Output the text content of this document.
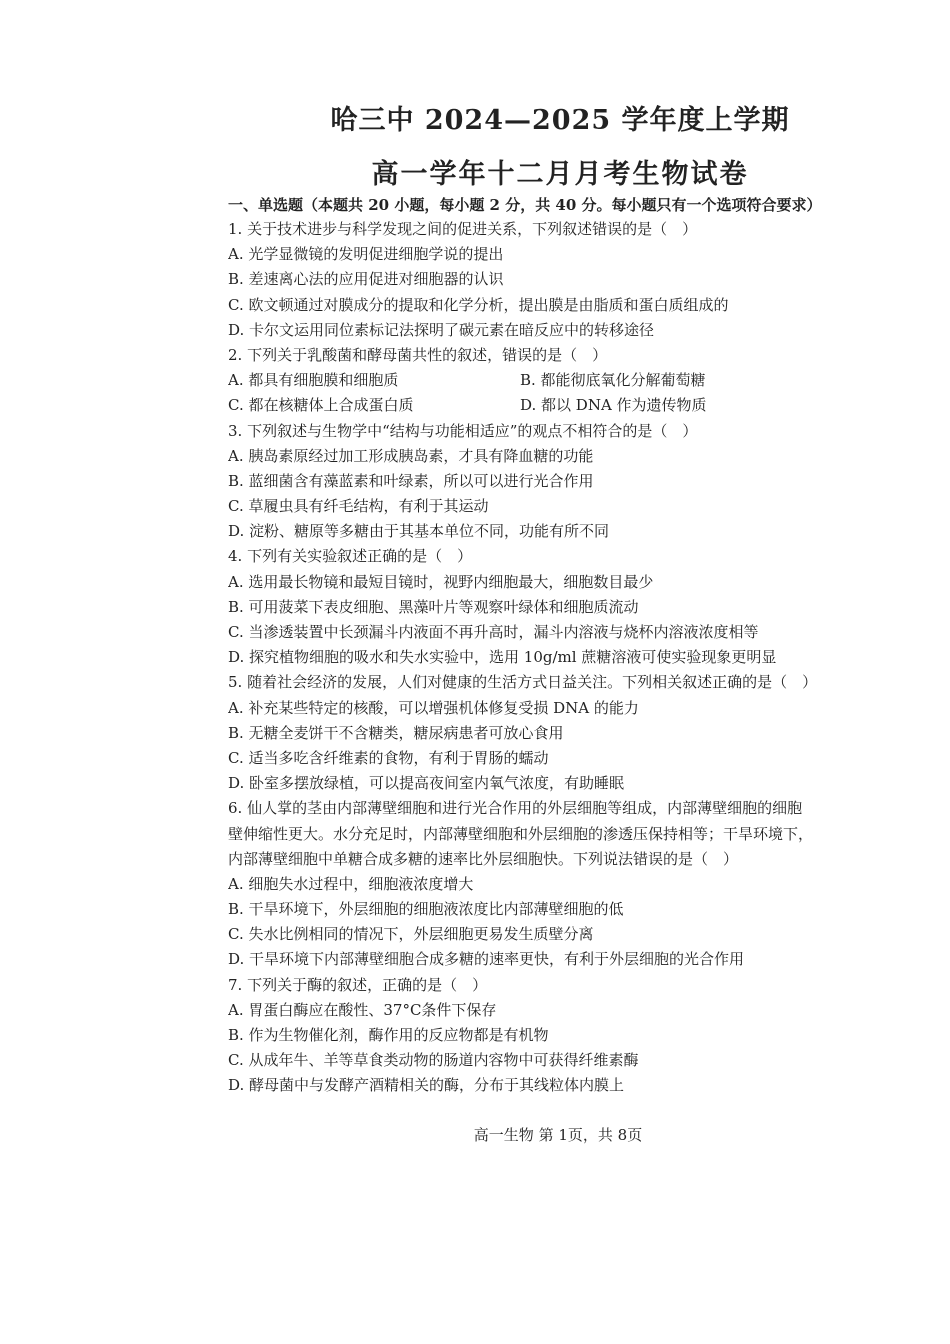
哈三中 2024—2025 学年度上学期
高一学年十二月月考生物试卷
一、单选题（本题共 20 小题，每小题 2 分，共 40 分。每小题只有一个选项符合要求）
1. 关于技术进步与科学发现之间的促进关系，下列叙述错误的是（　）
A. 光学显微镜的发明促进细胞学说的提出
B. 差速离心法的应用促进对细胞器的认识
C. 欧文顿通过对膜成分的提取和化学分析，提出膜是由脂质和蛋白质组成的
D. 卡尔文运用同位素标记法探明了碳元素在暗反应中的转移途径
2. 下列关于乳酸菌和酵母菌共性的叙述，错误的是（　）
A. 都具有细胞膜和细胞质	B. 都能彻底氧化分解葡萄糖
C. 都在核糖体上合成蛋白质	D. 都以 DNA 作为遗传物质
3. 下列叙述与生物学中“结构与功能相适应”的观点不相符合的是（　）
A. 胰岛素原经过加工形成胰岛素，才具有降血糖的功能
B. 蓝细菌含有藻蓝素和叶绿素，所以可以进行光合作用
C. 草履虫具有纤毛结构，有利于其运动
D. 淀粉、糖原等多糖由于其基本单位不同，功能有所不同
4. 下列有关实验叙述正确的是（　）
A. 选用最长物镜和最短目镜时，视野内细胞最大，细胞数目最少
B. 可用菠菜下表皮细胞、黑藻叶片等观察叶绿体和细胞质流动
C. 当渗透装置中长颈漏斗内液面不再升高时，漏斗内溶液与烧杯内溶液浓度相等
D. 探究植物细胞的吸水和失水实验中，选用 10g/ml 蔗糖溶液可使实验现象更明显
5. 随着社会经济的发展，人们对健康的生活方式日益关注。下列相关叙述正确的是（　）
A. 补充某些特定的核酸，可以增强机体修复受损 DNA 的能力
B. 无糖全麦饼干不含糖类，糖尿病患者可放心食用
C. 适当多吃含纤维素的食物，有利于胃肠的蠕动
D. 卧室多摆放绿植，可以提高夜间室内氧气浓度，有助睡眠
6. 仙人掌的茎由内部薄壁细胞和进行光合作用的外层细胞等组成，内部薄壁细胞的细胞
壁伸缩性更大。水分充足时，内部薄壁细胞和外层细胞的渗透压保持相等；干旱环境下，
内部薄壁细胞中单糖合成多糖的速率比外层细胞快。下列说法错误的是（　）
A. 细胞失水过程中，细胞液浓度增大
B. 干旱环境下，外层细胞的细胞液浓度比内部薄壁细胞的低
C. 失水比例相同的情况下，外层细胞更易发生质壁分离
D. 干旱环境下内部薄壁细胞合成多糖的速率更快，有利于外层细胞的光合作用
7. 下列关于酶的叙述，正确的是（　）
A. 胃蛋白酶应在酸性、37°C条件下保存
B. 作为生物催化剂，酶作用的反应物都是有机物
C. 从成年牛、羊等草食类动物的肠道内容物中可获得纤维素酶
D. 酵母菌中与发酵产酒精相关的酶，分布于其线粒体内膜上
高一生物 第 1页，共 8页
